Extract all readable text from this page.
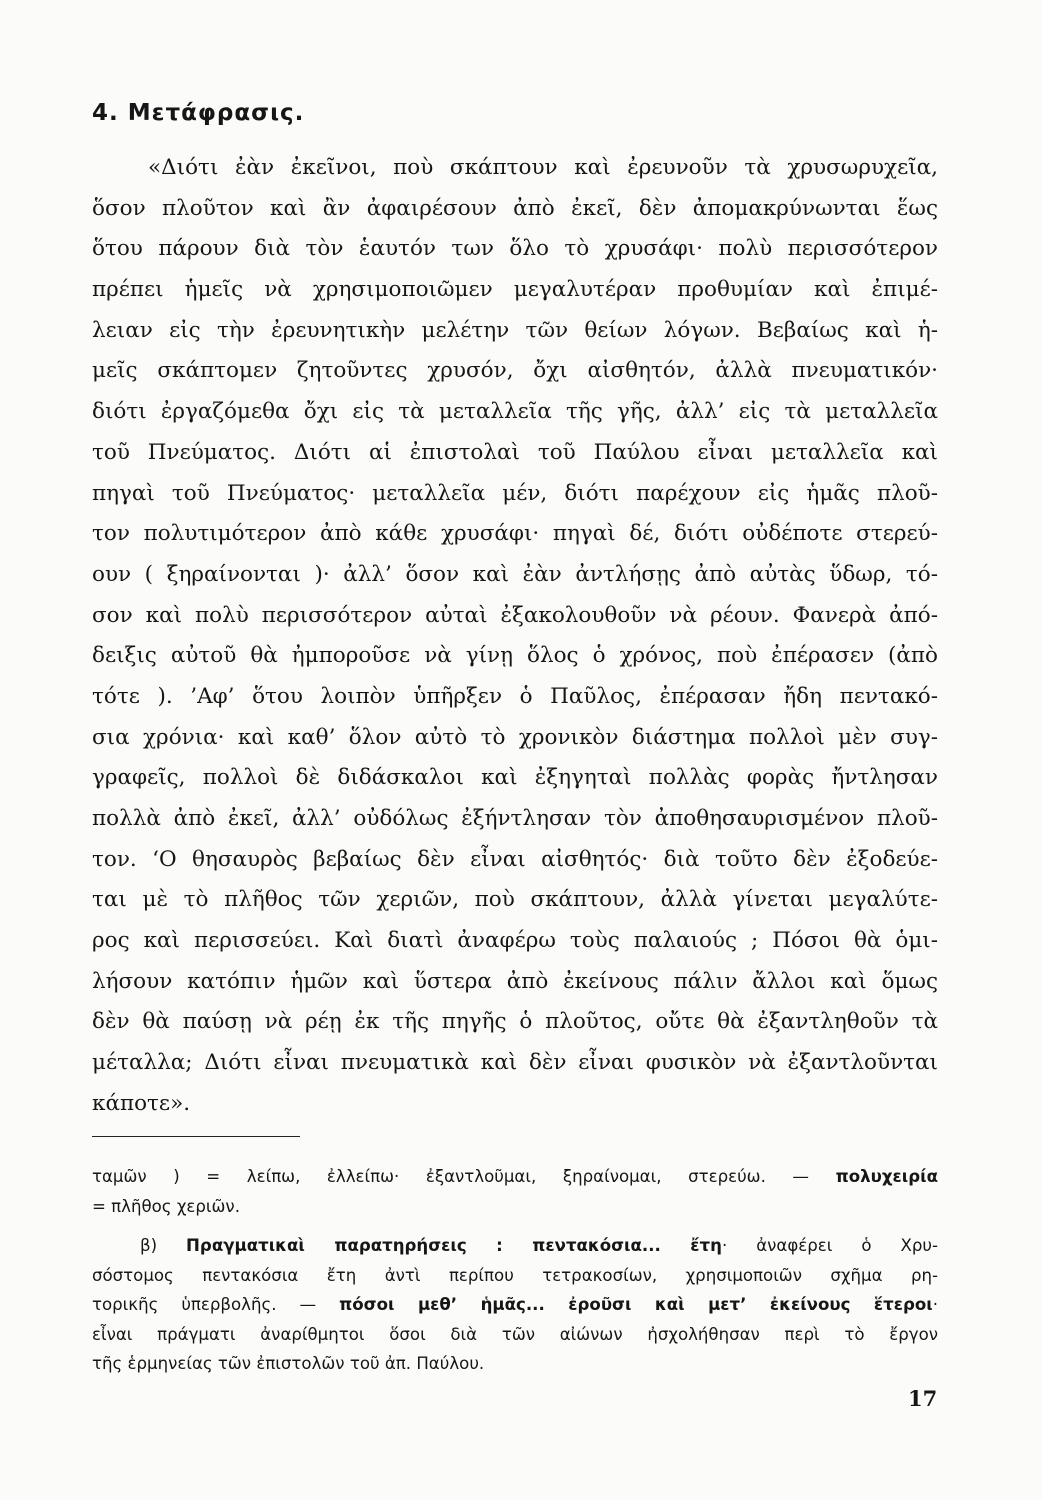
4. Μετάφρασις.
«Διότι ἐὰν ἐκεῖνοι, ποὺ σκάπτουν καὶ ἐρευνοῦν τὰ χρυσωρυχεῖα,
ὅσον πλοῦτον καὶ ἂν ἀφαιρέσουν ἀπὸ ἐκεῖ, δὲν ἀπομακρύνωνται ἕως
ὅτου πάρουν διὰ τὸν ἑαυτόν των ὅλο τὸ χρυσάφι· πολὺ περισσότερον
πρέπει ἡμεῖς νὰ χρησιμοποιῶμεν μεγαλυτέραν προθυμίαν καὶ ἐπιμέ-
λειαν εἰς τὴν ἐρευνητικὴν μελέτην τῶν θείων λόγων. Βεβαίως καὶ ἡ-
μεῖς σκάπτομεν ζητοῦντες χρυσόν, ὄχι αἰσθητόν, ἀλλὰ πνευματικόν·
διότι ἐργαζόμεθα ὄχι εἰς τὰ μεταλλεῖα τῆς γῆς, ἀλλ’ εἰς τὰ μεταλλεῖα
τοῦ Πνεύματος. Διότι αἱ ἐπιστολαὶ τοῦ Παύλου εἶναι μεταλλεῖα καὶ
πηγαὶ τοῦ Πνεύματος· μεταλλεῖα μέν, διότι παρέχουν εἰς ἡμᾶς πλοῦ-
τον πολυτιμότερον ἀπὸ κάθε χρυσάφι· πηγαὶ δέ, διότι οὐδέποτε στερεύ-
ουν ( ξηραίνονται )· ἀλλ’ ὅσον καὶ ἐὰν ἀντλήσῃς ἀπὸ αὐτὰς ὕδωρ, τό-
σον καὶ πολὺ περισσότερον αὐταὶ ἐξακολουθοῦν νὰ ρέουν. Φανερὰ ἀπό-
δειξις αὐτοῦ θὰ ἠμποροῦσε νὰ γίνῃ ὅλος ὁ χρόνος, ποὺ ἐπέρασεν (ἀπὸ
τότε ). ’Αφ’ ὅτου λοιπὸν ὑπῆρξεν ὁ Παῦλος, ἐπέρασαν ἤδη πεντακό-
σια χρόνια· καὶ καθ’ ὅλον αὐτὸ τὸ χρονικὸν διάστημα πολλοὶ μὲν συγ-
γραφεῖς, πολλοὶ δὲ διδάσκαλοι καὶ ἐξηγηταὶ πολλὰς φορὰς ἤντλησαν
πολλὰ ἀπὸ ἐκεῖ, ἀλλ’ οὐδόλως ἐξήντλησαν τὸν ἀποθησαυρισμένον πλοῦ-
τον. ‘Ο θησαυρὸς βεβαίως δὲν εἶναι αἰσθητός· διὰ τοῦτο δὲν ἐξοδεύε-
ται μὲ τὸ πλῆθος τῶν χεριῶν, ποὺ σκάπτουν, ἀλλὰ γίνεται μεγαλύτε-
ρος καὶ περισσεύει. Καὶ διατὶ ἀναφέρω τοὺς παλαιούς ; Πόσοι θὰ ὁμι-
λήσουν κατόπιν ἡμῶν καὶ ὕστερα ἀπὸ ἐκείνους πάλιν ἄλλοι καὶ ὅμως
δὲν θὰ παύσῃ νὰ ρέῃ ἐκ τῆς πηγῆς ὁ πλοῦτος, οὔτε θὰ ἐξαντληθοῦν τὰ
μέταλλα; Διότι εἶναι πνευματικὰ καὶ δὲν εἶναι φυσικὸν νὰ ἐξαντλοῦνται
κάποτε».
ταμῶν ) = λείπω, ἐλλείπω· ἐξαντλοῦμαι, ξηραίνομαι, στερεύω. — πολυχειρία
= πλῆθος χεριῶν.
β) Πραγματικαὶ παρατηρήσεις : πεντακόσια... ἔτη· ἀναφέρει ὁ Χρυ-
σόστομος πεντακόσια ἔτη ἀντὶ περίπου τετρακοσίων, χρησιμοποιῶν σχῆμα ρη-
τορικῆς ὑπερβολῆς. — πόσοι μεθ’ ἡμᾶς... ἐροῦσι καὶ μετ’ ἐκείνους ἕτεροι·
εἶναι πράγματι ἀναρίθμητοι ὅσοι διὰ τῶν αἰώνων ἠσχολήθησαν περὶ τὸ ἔργον
τῆς ἑρμηνείας τῶν ἐπιστολῶν τοῦ ἀπ. Παύλου.
17
